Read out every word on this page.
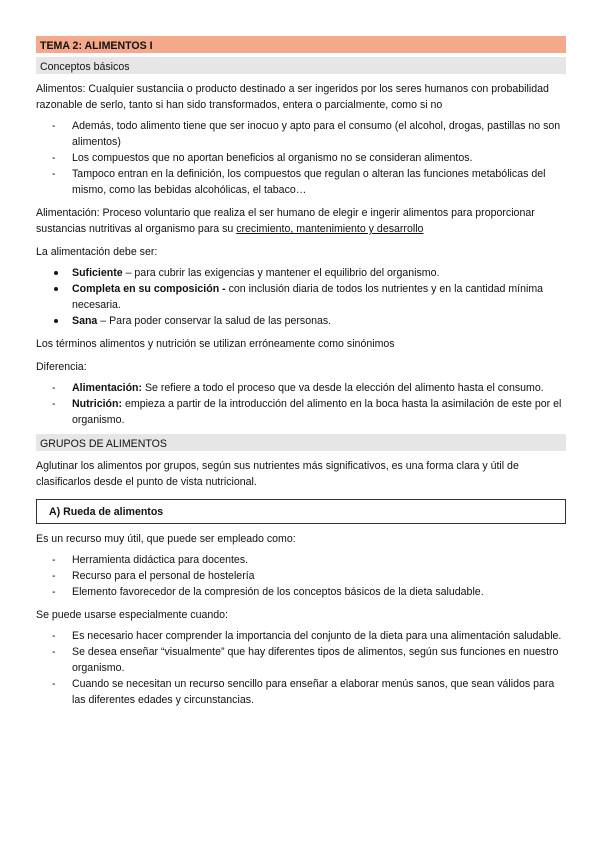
TEMA 2: ALIMENTOS I
Conceptos básicos

Alimentos: Cualquier sustanciia o producto destinado a ser ingeridos por los seres humanos con probabilidad razonable de serlo, tanto si han sido transformados, entera o parcialmente, como si no

- Además, todo alimento tiene que ser inocuo y apto para el consumo (el alcohol, drogas, pastillas no son alimentos)
- Los compuestos que no aportan beneficios al organismo no se consideran alimentos.
- Tampoco entran en la definición, los compuestos que regulan o alteran las funciones metabólicas del mismo, como las bebidas alcohólicas, el tabaco…

Alimentación: Proceso voluntario que realiza el ser humano de elegir e ingerir alimentos para proporcionar sustancias nutritivas al organismo para su crecimiento, mantenimiento y desarrollo

La alimentación debe ser:

Suficiente – para cubrir las exigencias y mantener el equilibrio del organismo.
Completa en su composición - con inclusión diaria de todos los nutrientes y en la cantidad mínima necesaria.
Sana – Para poder conservar la salud de las personas.

Los términos alimentos y nutrición se utilizan erróneamente como sinónimos

Diferencia:

- Alimentación: Se refiere a todo el proceso que va desde la elección del alimento hasta el consumo.
- Nutrición: empieza a partir de la introducción del alimento en la boca hasta la asimilación de este por el organismo.
GRUPOS DE ALIMENTOS

Aglutinar los alimentos por grupos, según sus nutrientes más significativos, es una forma clara y útil de clasificarlos desde el punto de vista nutricional.

A) Rueda de alimentos

Es un recurso muy útil, que puede ser empleado como:

- Herramienta didáctica para docentes.
- Recurso para el personal de hostelería
- Elemento favorecedor de la compresión de los conceptos básicos de la dieta saludable.

Se puede usarse especialmente cuando:

- Es necesario hacer comprender la importancia del conjunto de la dieta para una alimentación saludable.
- Se desea enseñar “visualmente” que hay diferentes tipos de alimentos, según sus funciones en nuestro organismo.
- Cuando se necesitan un recurso sencillo para enseñar a elaborar menús sanos, que sean válidos para las diferentes edades y circunstancias.
